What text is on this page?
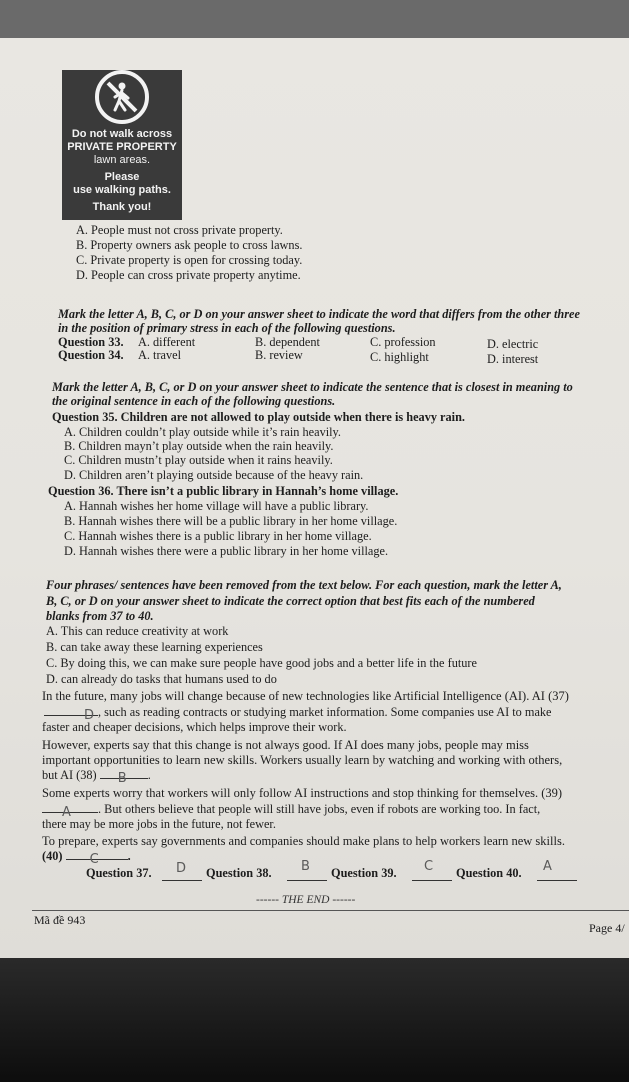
Do not walk across
PRIVATE PROPERTY
lawn areas.
Please
use walking paths.
Thank you!
A. People must not cross private property.
B. Property owners ask people to cross lawns.
C. Private property is open for crossing today.
D. People can cross private property anytime.
Mark the letter A, B, C, or D on your answer sheet to indicate the word that differs from the other three
in the position of primary stress in each of the following questions.
Question 33. A. different	B. dependent	C. profession	D. electric
Question 34. A. travel	B. review	C. highlight	D. interest
Mark the letter A, B, C, or D on your answer sheet to indicate the sentence that is closest in meaning to
the original sentence in each of the following questions.
Question 35. Children are not allowed to play outside when there is heavy rain.
A. Children couldn’t play outside while it’s rain heavily.
B. Children mayn’t play outside when the rain heavily.
C. Children mustn’t play outside when it rains heavily.
D. Children aren’t playing outside because of the heavy rain.
Question 36. There isn’t a public library in Hannah’s home village.
A. Hannah wishes her home village will have a public library.
B. Hannah wishes there will be a public library in her home village.
C. Hannah wishes there is a public library in her home village.
D. Hannah wishes there were a public library in her home village.
Four phrases/ sentences have been removed from the text below. For each question, mark the letter A,
B, C, or D on your answer sheet to indicate the correct option that best fits each of the numbered
blanks from 37 to 40.
A. This can reduce creativity at work
B. can take away these learning experiences
C. By doing this, we can make sure people have good jobs and a better life in the future
D. can already do tasks that humans used to do
In the future, many jobs will change because of new technologies like Artificial Intelligence (AI). AI (37)
D , such as reading contracts or studying market information. Some companies use AI to make
faster and cheaper decisions, which helps improve their work.
However, experts say that this change is not always good. If AI does many jobs, people may miss
important opportunities to learn new skills. Workers usually learn by watching and working with others,
but AI (38) B .
Some experts worry that workers will only follow AI instructions and stop thinking for themselves. (39)
A . But others believe that people will still have jobs, even if robots are working too. In fact,
there may be more jobs in the future, not fewer.
To prepare, experts say governments and companies should make plans to help workers learn new skills.
(40) C .
Question 37. D Question 38. B Question 39. C Question 40. A
------ THE END ------
Mã đề 943
Page 4/
